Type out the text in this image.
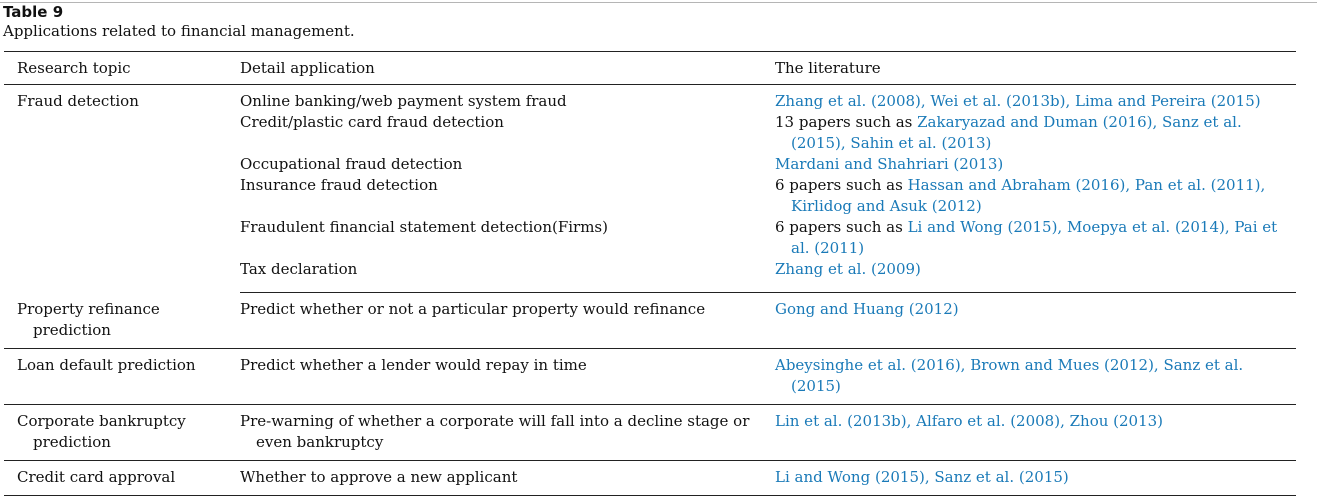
Table 9
Applications related to financial management.
Research topic	Detail application	The literature

Fraud detection	Online banking/web payment system fraud	Zhang et al. (2008), Wei et al. (2013b), Lima and Pereira (2015)

	Credit/plastic card fraud detection	13 papers such as Zakaryazad and Duman (2016), Sanz et al. (2015), Sahin et al. (2013)

	Occupational fraud detection	Mardani and Shahriari (2013)

	Insurance fraud detection	6 papers such as Hassan and Abraham (2016), Pan et al. (2011), Kirlidog and Asuk (2012)

	Fraudulent financial statement detection(Firms)	6 papers such as Li and Wong (2015), Moepya et al. (2014), Pai et al. (2011)

	Tax declaration	Zhang et al. (2009)

Property refinance prediction	Predict whether or not a particular property would refinance	Gong and Huang (2012)

Loan default prediction	Predict whether a lender would repay in time	Abeysinghe et al. (2016), Brown and Mues (2012), Sanz et al. (2015)

Corporate bankruptcy prediction	Pre-warning of whether a corporate will fall into a decline stage or even bankruptcy	Lin et al. (2013b), Alfaro et al. (2008), Zhou (2013)

Credit card approval	Whether to approve a new applicant	Li and Wong (2015), Sanz et al. (2015)
